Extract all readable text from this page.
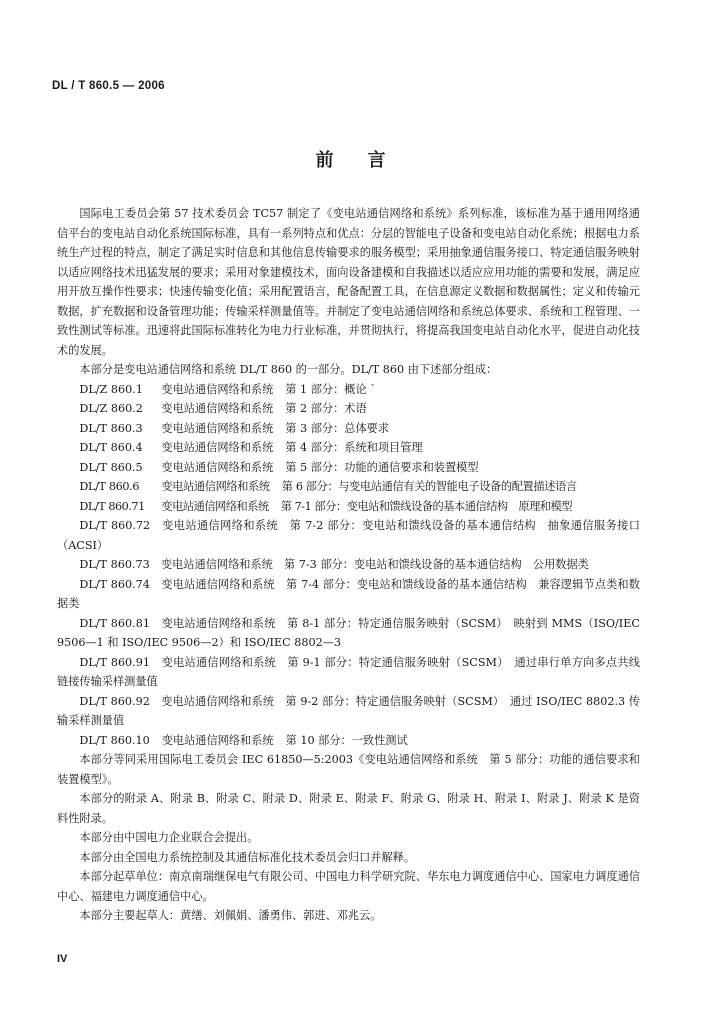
DL / T 860.5 — 2006
前 言

国际电工委员会第 57 技术委员会 TC57 制定了《变电站通信网络和系统》系列标准，该标准为基于通用网络通信平台的变电站自动化系统国际标准，具有一系列特点和优点：分层的智能电子设备和变电站自动化系统；根据电力系统生产过程的特点，制定了满足实时信息和其他信息传输要求的服务模型；采用抽象通信服务接口、特定通信服务映射以适应网络技术迅猛发展的要求；采用对象建模技术，面向设备建模和自我描述以适应应用功能的需要和发展，满足应用开放互操作性要求；快速传输变化值；采用配置语言，配备配置工具，在信息源定义数据和数据属性；定义和传输元数据，扩充数据和设备管理功能；传输采样测量值等。并制定了变电站通信网络和系统总体要求、系统和工程管理、一致性测试等标准。迅速将此国际标准转化为电力行业标准，并贯彻执行，将提高我国变电站自动化水平，促进自动化技术的发展。

本部分是变电站通信网络和系统 DL/T 860 的一部分。DL/T 860 由下述部分组成：

DL/Z 860.1 变电站通信网络和系统 第 1 部分：概论 `

DL/Z 860.2 变电站通信网络和系统 第 2 部分：术语

DL/T 860.3 变电站通信网络和系统 第 3 部分：总体要求

DL/T 860.4 变电站通信网络和系统 第 4 部分：系统和项目管理

DL/T 860.5 变电站通信网络和系统 第 5 部分：功能的通信要求和装置模型

DL/T 860.6 变电站通信网络和系统 第 6 部分：与变电站通信有关的智能电子设备的配置描述语言

DL/T 860.71 变电站通信网络和系统 第 7-1 部分：变电站和馈线设备的基本通信结构　原理和模型

DL/T 860.72　 变电站通信网络和系统　 第 7-2 部分：变电站和馈线设备的基本通信结构　抽象通信服务接口（ACSI）

DL/T 860.73　 变电站通信网络和系统　 第 7-3 部分：变电站和馈线设备的基本通信结构　公用数据类

DL/T 860.74　 变电站通信网络和系统　 第 7-4 部分：变电站和馈线设备的基本通信结构　兼容逻辑节点类和数据类

DL/T 860.81　 变电站通信网络和系统　 第 8-1 部分：特定通信服务映射（SCSM）　映射到 MMS（ISO/IEC 9506—1 和 ISO/IEC 9506—2）和 ISO/IEC 8802—3

DL/T 860.91　 变电站通信网络和系统　 第 9-1 部分：特定通信服务映射（SCSM）　通过串行单方向多点共线链接传输采样测量值

DL/T 860.92　 变电站通信网络和系统　 第 9-2 部分：特定通信服务映射（SCSM）　通过 ISO/IEC 8802.3 传输采样测量值

DL/T 860.10 变电站通信网络和系统 第 10 部分：一致性测试

本部分等同采用国际电工委员会 IEC 61850—5:2003《变电站通信网络和系统　第 5 部分：功能的通信要求和装置模型》。

本部分的附录 A、附录 B、附录 C、附录 D、附录 E、附录 F、附录 G、附录 H、附录 I、附录 J、附录 K 是资料性附录。

本部分由中国电力企业联合会提出。

本部分由全国电力系统控制及其通信标准化技术委员会归口并解释。

本部分起草单位：南京南瑞继保电气有限公司、中国电力科学研究院、华东电力调度通信中心、国家电力调度通信中心、福建电力调度通信中心。

本部分主要起草人：黄缮、刘佩娟、潘勇伟、郭进、邓兆云。

IV
